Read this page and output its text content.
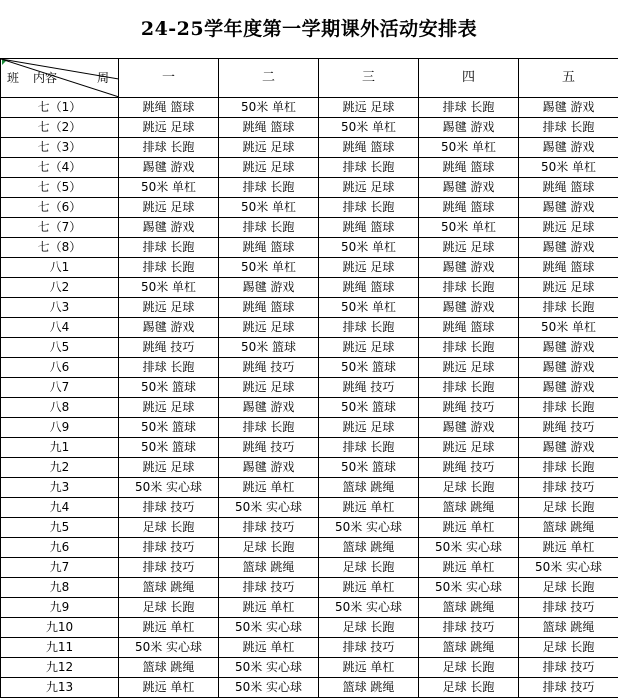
24-25学年度第一学期课外活动安排表
班 内容 周	一	二	三	四	五
七（1）	跳绳 篮球	50米 单杠	跳远 足球	排球 长跑	踢毽 游戏
七（2）	跳远 足球	跳绳 篮球	50米 单杠	踢毽 游戏	排球 长跑
七（3）	排球 长跑	跳远 足球	跳绳 篮球	50米 单杠	踢毽 游戏
七（4）	踢毽 游戏	跳远 足球	排球 长跑	跳绳 篮球	50米 单杠
七（5）	50米 单杠	排球 长跑	跳远 足球	踢毽 游戏	跳绳 篮球
七（6）	跳远 足球	50米 单杠	排球 长跑	跳绳 篮球	踢毽 游戏
七（7）	踢毽 游戏	排球 长跑	跳绳 篮球	50米 单杠	跳远 足球
七（8）	排球 长跑	跳绳 篮球	50米 单杠	跳远 足球	踢毽 游戏
八1	排球 长跑	50米 单杠	跳远 足球	踢毽 游戏	跳绳 篮球
八2	50米 单杠	踢毽 游戏	跳绳 篮球	排球 长跑	跳远 足球
八3	跳远 足球	跳绳 篮球	50米 单杠	踢毽 游戏	排球 长跑
八4	踢毽 游戏	跳远 足球	排球 长跑	跳绳 篮球	50米 单杠
八5	跳绳 技巧	50米 篮球	跳远 足球	排球 长跑	踢毽 游戏
八6	排球 长跑	跳绳 技巧	50米 篮球	跳远 足球	踢毽 游戏
八7	50米 篮球	跳远 足球	跳绳 技巧	排球 长跑	踢毽 游戏
八8	跳远 足球	踢毽 游戏	50米 篮球	跳绳 技巧	排球 长跑
八9	50米 篮球	排球 长跑	跳远 足球	踢毽 游戏	跳绳 技巧
九1	50米 篮球	跳绳 技巧	排球 长跑	跳远 足球	踢毽 游戏
九2	跳远 足球	踢毽 游戏	50米 篮球	跳绳 技巧	排球 长跑
九3	50米 实心球	跳远 单杠	篮球 跳绳	足球 长跑	排球 技巧
九4	排球 技巧	50米 实心球	跳远 单杠	篮球 跳绳	足球 长跑
九5	足球 长跑	排球 技巧	50米 实心球	跳远 单杠	篮球 跳绳
九6	排球 技巧	足球 长跑	篮球 跳绳	50米 实心球	跳远 单杠
九7	排球 技巧	篮球 跳绳	足球 长跑	跳远 单杠	50米 实心球
九8	篮球 跳绳	排球 技巧	跳远 单杠	50米 实心球	足球 长跑
九9	足球 长跑	跳远 单杠	50米 实心球	篮球 跳绳	排球 技巧
九10	跳远 单杠	50米 实心球	足球 长跑	排球 技巧	篮球 跳绳
九11	50米 实心球	跳远 单杠	排球 技巧	篮球 跳绳	足球 长跑
九12	篮球 跳绳	50米 实心球	跳远 单杠	足球 长跑	排球 技巧
九13	跳远 单杠	50米 实心球	篮球 跳绳	足球 长跑	排球 技巧
